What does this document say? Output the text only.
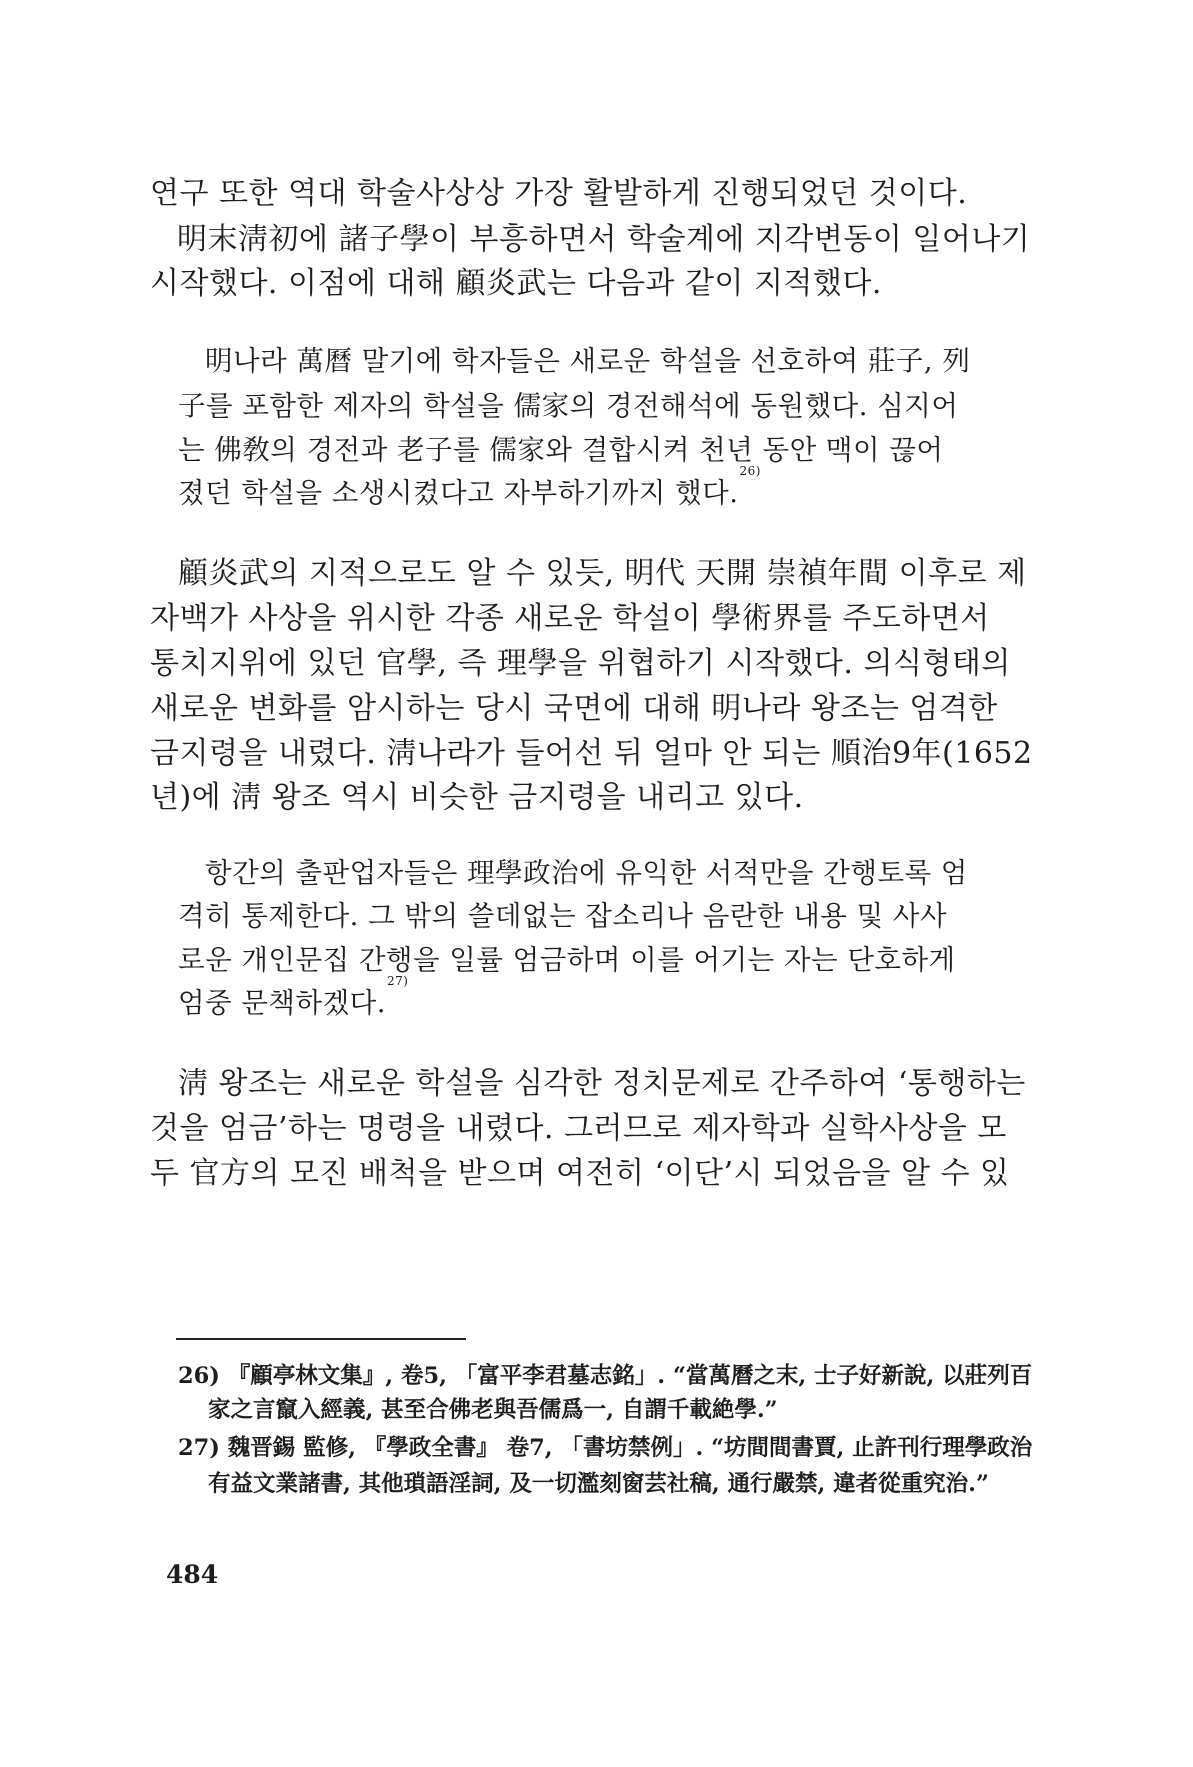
연구 또한 역대 학술사상상 가장 활발하게 진행되었던 것이다.
明末淸初에 諸子學이 부흥하면서 학술계에 지각변동이 일어나기
시작했다. 이점에 대해 顧炎武는 다음과 같이 지적했다.
明나라 萬曆 말기에 학자들은 새로운 학설을 선호하여 莊子, 列
子를 포함한 제자의 학설을 儒家의 경전해석에 동원했다. 심지어
는 佛敎의 경전과 老子를 儒家와 결합시켜 천년 동안 맥이 끊어
졌던 학설을 소생시켰다고 자부하기까지 했다.$^{26)}$
顧炎武의 지적으로도 알 수 있듯, 明代 天開 崇禎年間 이후로 제
자백가 사상을 위시한 각종 새로운 학설이 學術界를 주도하면서
통치지위에 있던 官學, 즉 理學을 위협하기 시작했다. 의식형태의
새로운 변화를 암시하는 당시 국면에 대해 明나라 왕조는 엄격한
금지령을 내렸다. 淸나라가 들어선 뒤 얼마 안 되는 順治9年(1652
년)에 淸 왕조 역시 비슷한 금지령을 내리고 있다.
항간의 출판업자들은 理學政治에 유익한 서적만을 간행토록 엄
격히 통제한다. 그 밖의 쓸데없는 잡소리나 음란한 내용 및 사사
로운 개인문집 간행을 일률 엄금하며 이를 어기는 자는 단호하게
엄중 문책하겠다.$^{27)}$
淸 왕조는 새로운 학설을 심각한 정치문제로 간주하여 ‘통행하는
것을 엄금’하는 명령을 내렸다. 그러므로 제자학과 실학사상을 모
두 官方의 모진 배척을 받으며 여전히 ‘이단’시 되었음을 알 수 있
26) 『顧亭林文集』, 卷5, 「富平李君墓志銘」. “當萬曆之末, 士子好新說, 以莊列百
家之言竄入經義, 甚至合佛老與吾儒爲一, 自謂千載絶學.”
27) 魏晋錫 監修, 『學政全書』 卷7, 「書坊禁例」. “坊間間書賈, 止許刊行理學政治
有益文業諸書, 其他瑣語淫詞, 及一切濫刻窗芸社稿, 通行嚴禁, 違者從重究治.”
484
